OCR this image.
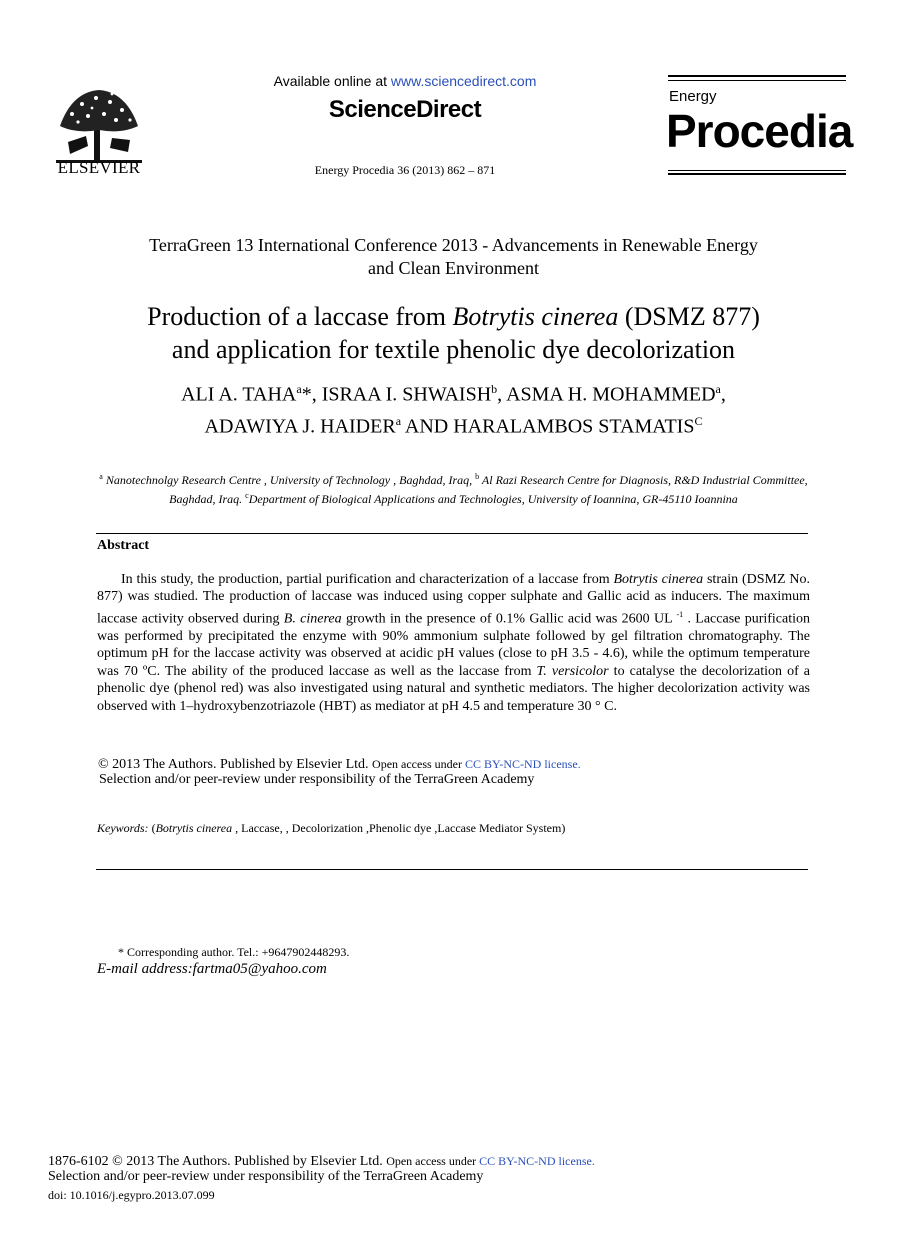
ELSEVIER
Available online at www.sciencedirect.com
ScienceDirect
Energy Procedia 36 (2013) 862 – 871
Energy
Procedia
TerraGreen 13 International Conference 2013 - Advancements in Renewable Energy
and Clean Environment
Production of a laccase from Botrytis cinerea (DSMZ 877)
and application for textile phenolic dye decolorization
ALI A. TAHA$^a$*, ISRAA I. SHWAISH$^b$, ASMA H. MOHAMMED$^a$,
ADAWIYA J. HAIDER$^a$ AND HARALAMBOS $STAMATIS^C$
$^a$ Nanotechnolgy Research Centre , University of Technology , Baghdad, Iraq, $^b$ Al Razi Research Centre for Diagnosis, R&D Industrial Committee, Baghdad, Iraq. $^c$Department of Biological Applications and Technologies, University of Ioannina, GR-45110 Ioannina
Abstract
In this study, the production, partial purification and characterization of a laccase from Botrytis cinerea strain (DSMZ No. 877) was studied. The production of laccase was induced using copper sulphate and Gallic acid as inducers. The maximum laccase activity observed during B. cinerea growth in the presence of 0.1% Gallic acid was 2600 UL $^{-1}$ . Laccase purification was performed by precipitated the enzyme with 90% ammonium sulphate followed by gel filtration chromatography. The optimum pH for the laccase activity was observed at acidic pH values (close to pH 3.5 - 4.6), while the optimum temperature was 70 ºC. The ability of the produced laccase as well as the laccase from T. versicolor to catalyse the decolorization of a phenolic dye (phenol red) was also investigated using natural and synthetic mediators. The higher decolorization activity was observed with 1–hydroxybenzotriazole (HBT) as mediator at pH 4.5 and temperature 30 ° C.
© 2013 The Authors. Published by Elsevier Ltd. Open access under CC BY-NC-ND license.
Selection and/or peer-review under responsibility of the TerraGreen Academy
Keywords: (Botrytis cinerea , Laccase, , Decolorization ,Phenolic dye ,Laccase Mediator System)
* Corresponding author. Tel.: +9647902448293.
E-mail address:fartma05@yahoo.com
1876-6102 © 2013 The Authors. Published by Elsevier Ltd. Open access under CC BY-NC-ND license.
Selection and/or peer-review under responsibility of the TerraGreen Academy
doi: 10.1016/j.egypro.2013.07.099
